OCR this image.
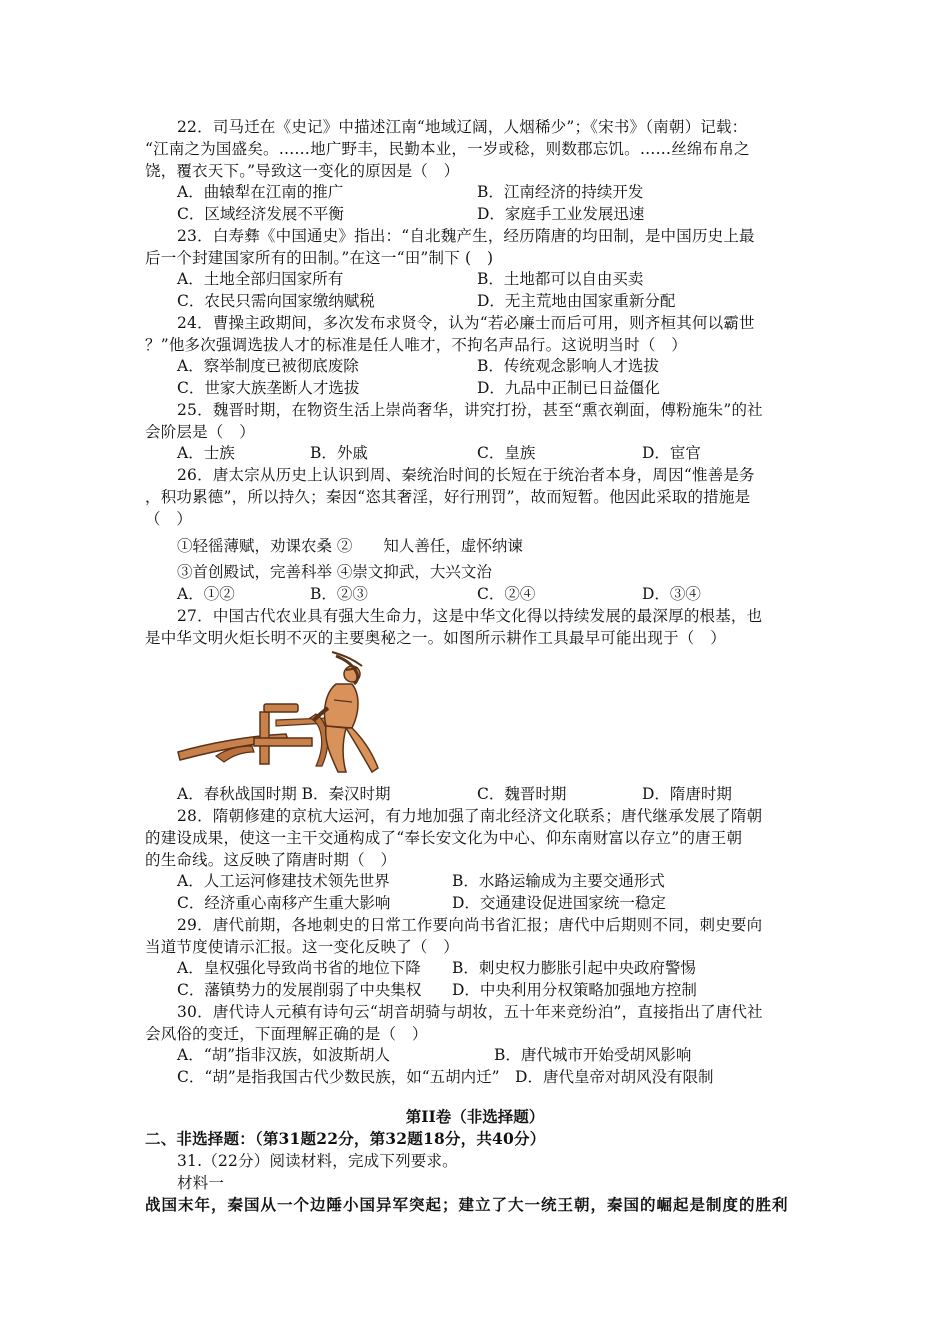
22．司马迁在《史记》中描述江南“地域辽阔，人烟稀少”；《宋书》（南朝）记载：
“江南之为国盛矣。……地广野丰，民勤本业，一岁或稔，则数郡忘饥。……丝绵布帛之
饶，覆衣天下。”导致这一变化的原因是（　）
A．曲辕犁在江南的推广	B．江南经济的持续开发
C．区域经济发展不平衡	D．家庭手工业发展迅速
23．白寿彝《中国通史》指出：“自北魏产生，经历隋唐的均田制，是中国历史上最
后一个封建国家所有的田制。”在这一“田”制下 (　)
A．土地全部归国家所有	B．土地都可以自由买卖
C．农民只需向国家缴纳赋税	D．无主荒地由国家重新分配
24．曹操主政期间，多次发布求贤令，认为“若必廉士而后可用，则齐桓其何以霸世
？”他多次强调选拔人才的标准是任人唯才，不拘名声品行。这说明当时（　）
A．察举制度已被彻底废除	B．传统观念影响人才选拔
C．世家大族垄断人才选拔	D．九品中正制已日益僵化
25．魏晋时期，在物资生活上崇尚奢华，讲究打扮，甚至“熏衣剃面，傅粉施朱”的社
会阶层是（　）
A．士族	B．外戚	C．皇族	D．宦官
26．唐太宗从历史上认识到周、秦统治时间的长短在于统治者本身，周因“惟善是务
，积功累德”，所以持久；秦因“恣其奢淫，好行刑罚”，故而短暂。他因此采取的措施是
（　）
①轻徭薄赋，劝课农桑 ②　　知人善任，虚怀纳谏
③首创殿试，完善科举 ④崇文抑武，大兴文治
A．①②	B．②③	C．②④	D．③④
27．中国古代农业具有强大生命力，这是中华文化得以持续发展的最深厚的根基，也
是中华文明火炬长明不灭的主要奥秘之一。如图所示耕作工具最早可能出现于（　）
A．春秋战国时期 B．秦汉时期	C．魏晋时期	D．隋唐时期
28．隋朝修建的京杭大运河，有力地加强了南北经济文化联系；唐代继承发展了隋朝
的建设成果，使这一主干交通构成了“奉长安文化为中心、仰东南财富以存立”的唐王朝
的生命线。这反映了隋唐时期（　）
A．人工运河修建技术领先世界	B．水路运输成为主要交通形式
C．经济重心南移产生重大影响	D．交通建设促进国家统一稳定
29．唐代前期，各地刺史的日常工作要向尚书省汇报；唐代中后期则不同，刺史要向
当道节度使请示汇报。这一变化反映了（　）
A．皇权强化导致尚书省的地位下降 B．刺史权力膨胀引起中央政府警惕
C．藩镇势力的发展削弱了中央集权 D．中央利用分权策略加强地方控制
30．唐代诗人元稹有诗句云“胡音胡骑与胡妆，五十年来竞纷泊”，直接指出了唐代社
会风俗的变迁，下面理解正确的是（　）
A．“胡”指非汉族，如波斯胡人	B．唐代城市开始受胡风影响
C．“胡”是指我国古代少数民族，如“五胡内迁”　D．唐代皇帝对胡风没有限制
第II卷（非选择题）
二、非选择题：（第31题22分，第32题18分，共40分）
31.（22分）阅读材料，完成下列要求。
材料一
战国末年，秦国从一个边陲小国异军突起；建立了大一统王朝，秦国的崛起是制度的胜利
